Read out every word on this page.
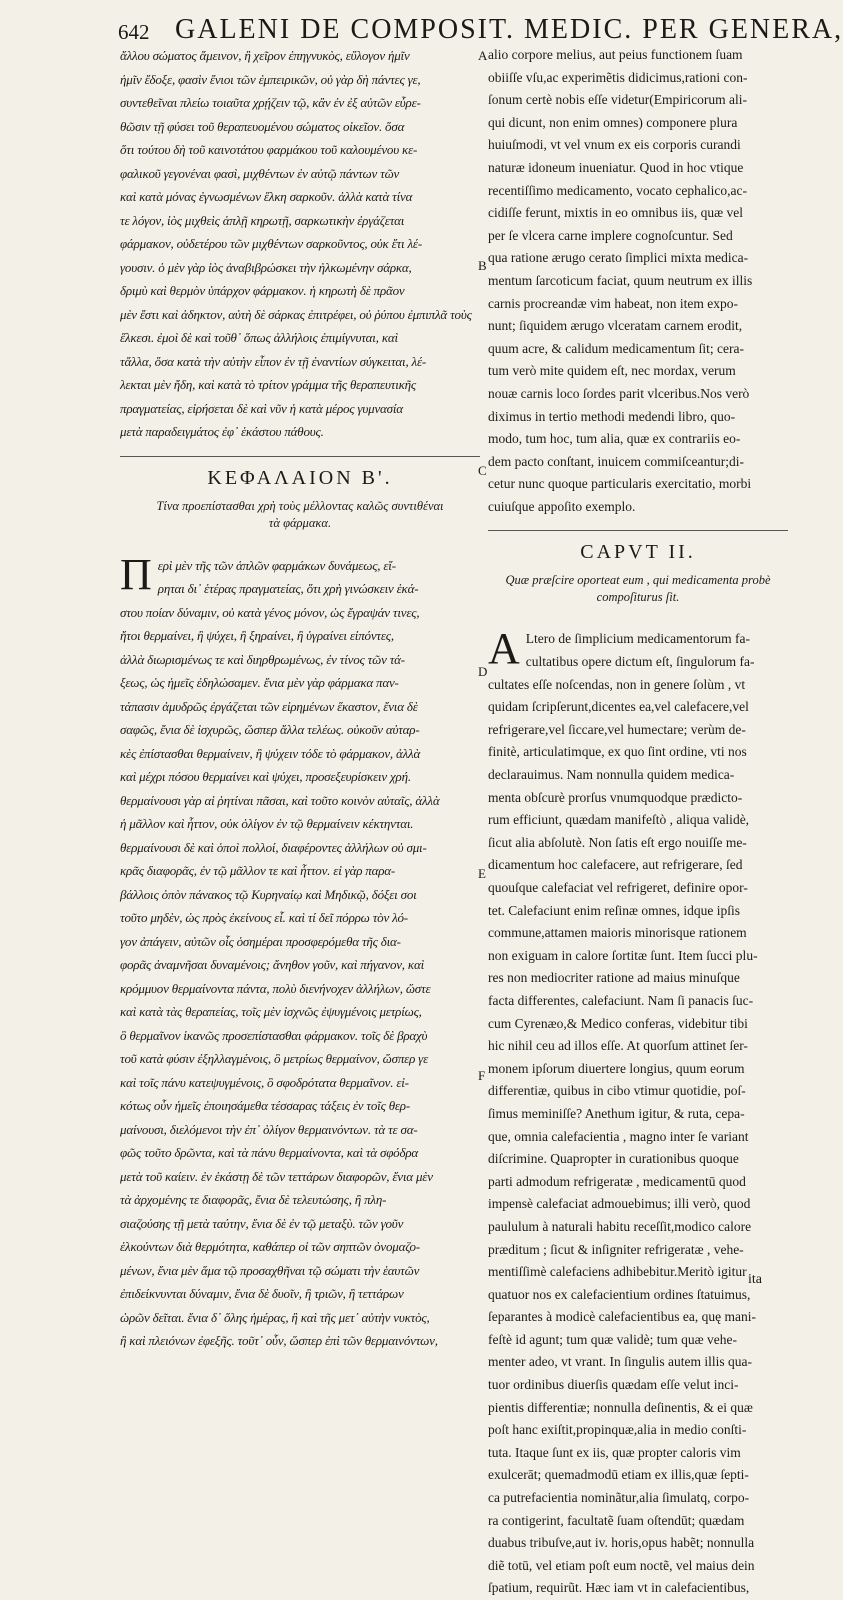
642 GALENI DE COMPOSIT. MEDIC. PER GENERA,
A
B
C
D
E
F
ἄλλου σώματος ἄμεινον, ἢ χεῖρον ἐπηγνυκὸς, εὔλογον ἡμῖν
ἡμῖν ἔδοξε, φασὶν ἔνιοι τῶν ἐμπειρικῶν, οὐ γὰρ δὴ πάντες γε,
συντεθεῖναι πλείω τοιαῦτα χρῄζειν τῷ, κἂν ἐν ἐξ αὐτῶν εὖρε-
θῶσιν τῇ φύσει τοῦ θεραπευομένου σώματος οἰκεῖον. ὅσα
ὅτι τούτου δὴ τοῦ καινοτάτου φαρμάκου τοῦ καλουμένου κε-
φαλικοῦ γεγονέναι φασὶ, μιχθέντων ἐν αὐτῷ πάντων τῶν
καὶ κατὰ μόνας ἐγνωσμένων ἕλκη σαρκοῦν. ἀλλὰ κατὰ τίνα
τε λόγον, ἰὸς μιχθεὶς ἁπλῇ κηρωτῇ, σαρκωτικὴν ἐργάζεται
φάρμακον, οὐδετέρου τῶν μιχθέντων σαρκοῦντος, οὐκ ἔτι λέ-
γουσιν. ὁ μὲν γὰρ ἰὸς ἀναβιβρώσκει τὴν ἠλκωμένην σάρκα,
δριμὺ καὶ θερμὸν ὑπάρχον φάρμακον. ἡ κηρωτὴ δὲ πρᾶον
μὲν ἔστι καὶ ἀδηκτον, αὐτὴ δὲ σάρκας ἐπιτρέφει, οὐ ῥύπου ἐμπιπλᾶ τοὺς
ἕλκεσι. ἐμοὶ δὲ καὶ τοῦθ᾽ ὅπως ἀλλήλοις ἐπιμίγνυται, καὶ
τἄλλα, ὅσα κατὰ τὴν αὐτὴν εἶπον ἐν τῇ ἐναντίων σύγκειται, λέ-
λεκται μὲν ἤδη, καὶ κατὰ τὸ τρίτον γράμμα τῆς θεραπευτικῆς
πραγματείας, εἰρήσεται δὲ καὶ νῦν ἡ κατὰ μέρος γυμνασία
μετὰ παραδειγμάτος ἐφ᾽ ἑκάστου πάθους.
ΚΕΦΑΛΑΙΟΝ Β'.
Τίνα προεπίστασθαι χρὴ τοὺς μέλλοντας καλῶς συντιθέναι
τὰ φάρμακα.
Π ερὶ μὲν τῆς τῶν ἁπλῶν φαρμάκων δυνάμεως, εἴ-
ρηται δι᾽ ἑτέρας πραγματείας, ὅτι χρὴ γινώσκειν ἑκά-
στου ποίαν δύναμιν, οὐ κατὰ γένος μόνον, ὡς ἔγραψάν τινες,
ἤτοι θερμαίνει, ἢ ψύχει, ἢ ξηραίνει, ἢ ὑγραίνει εἰπόντες,
ἀλλὰ διωρισμένως τε καὶ διηρθρωμένως, ἐν τίνος τῶν τά-
ξεως, ὡς ἡμεῖς ἐδηλώσαμεν. ἔνια μὲν γὰρ φάρμακα παν-
τάπασιν ἀμυδρῶς ἐργάζεται τῶν εἰρημένων ἕκαστον, ἔνια δὲ
σαφῶς, ἔνια δὲ ἰσχυρῶς, ὥσπερ ἄλλα τελέως. οὐκοῦν αὐταρ-
κὲς ἐπίστασθαι θερμαίνειν, ἢ ψύχειν τόδε τὸ φάρμακον, ἀλλὰ
καὶ μέχρι πόσου θερμαίνει καὶ ψύχει, προσεξευρίσκειν χρή.
θερμαίνουσι γὰρ αἱ ῥητίναι πᾶσαι, καὶ τοῦτο κοινὸν αὐταῖς, ἀλλὰ
ἡ μᾶλλον καὶ ἧττον, οὐκ ὀλίγον ἐν τῷ θερμαίνειν κέκτηνται.
θερμαίνουσι δὲ καὶ ὁποὶ πολλοί, διαφέροντες ἀλλήλων οὐ σμι-
κρᾶς διαφορᾶς, ἐν τῷ μᾶλλον τε καὶ ἧττον. εἰ γὰρ παρα-
βάλλοις ὀπὸν πάνακος τῷ Κυρηναίῳ καὶ Μηδικῷ, δόξει σοι
τοῦτο μηδὲν, ὡς πρὸς ἐκείνους εἶ. καὶ τί δεῖ πόρρω τὸν λό-
γον ἀπάγειν, αὐτῶν οἷς ὁσημέραι προσφερόμεθα τῆς δια-
φορᾶς ἀναμνῆσαι δυναμένοις; ἄνηθον γοῦν, καὶ πήγανον, καὶ
κρόμμυον θερμαίνοντα πάντα, πολὺ διενήνοχεν ἀλλήλων, ὥστε
καὶ κατὰ τὰς θεραπείας, τοῖς μὲν ἰσχνῶς ἐψυγμένοις μετρίως,
ὃ θερμαῖνον ἱκανῶς προσεπίστασθαι φάρμακον. τοῖς δὲ βραχὺ
τοῦ κατὰ φύσιν ἐξηλλαγμένοις, ὃ μετρίως θερμαίνον, ὥσπερ γε
καὶ τοῖς πάνυ κατεψυγμένοις, ὃ σφοδρότατα θερμαῖνον. εἰ-
κότως οὖν ἡμεῖς ἐποιησάμεθα τέσσαρας τάξεις ἐν τοῖς θερ-
μαίνουσι, διελόμενοι τὴν ἐπ᾽ ὀλίγον θερμαινόντων. τὰ τε σα-
φῶς τοῦτο δρῶντα, καὶ τὰ πάνυ θερμαίνοντα, καὶ τὰ σφόδρα
μετὰ τοῦ καίειν. ἐν ἑκάστῃ δὲ τῶν τεττάρων διαφορῶν, ἔνια μὲν
τὰ ἀρχομένης τε διαφορᾶς, ἔνια δὲ τελευτώσης, ἢ πλη-
σιαζούσης τῇ μετὰ ταύτην, ἔνια δὲ ἐν τῷ μεταξὺ. τῶν γοῦν
ἑλκούντων διὰ θερμότητα, καθάπερ οἱ τῶν σηπτῶν ὀνομαζο-
μένων, ἔνια μὲν ἅμα τῷ προσαχθῆναι τῷ σώματι τὴν ἑαυτῶν
ἐπιδείκνυνται δύναμιν, ἔνια δὲ δυοῖν, ἢ τριῶν, ἢ τεττάρων
ὡρῶν δεῖται. ἔνια δ᾽ ὅλης ἡμέρας, ἢ καὶ τῆς μετ᾽ αὐτὴν νυκτὸς,
ἢ καὶ πλειόνων ἐφεξῆς. τοῦτ᾽ οὖν, ὥσπερ ἐπὶ τῶν θερμαινόντων,
alio corpore melius, aut peius functionem ſuam
obiiſſe vſu,ac experimẽtis didicimus,rationi con-
ſonum certè nobis eſſe videtur(Empiricorum ali-
qui dicunt, non enim omnes) componere plura
huiuſmodi, vt vel vnum ex eis corporis curandi
naturæ idoneum inueniatur. Quod in hoc vtique
recentiſſimo medicamento, vocato cephalico,ac-
cidiſſe ferunt, mixtis in eo omnibus iis, quæ vel
per ſe vlcera carne implere cognoſcuntur. Sed
qua ratione ærugo cerato ſimplici mixta medica-
mentum ſarcoticum faciat, quum neutrum ex illis
carnis procreandæ vim habeat, non item expo-
nunt; ſiquidem ærugo vlceratam carnem erodit,
quum acre, & calidum medicamentum ſit; cera-
tum verò mite quidem eſt, nec mordax, verum
nouæ carnis loco ſordes parit vlceribus.Nos verò
diximus in tertio methodi medendi libro, quo-
modo, tum hoc, tum alia, quæ ex contrariis eo-
dem pacto conſtant, inuicem commiſceantur;di-
cetur nunc quoque particularis exercitatio, morbi
cuiuſque appoſito exemplo.
CAPVT II.
Quæ præſcire oporteat eum , qui medicamenta probè
compoſiturus ſit.
A Ltero de ſimplicium medicamentorum fa-
cultatibus opere dictum eſt, ſingulorum fa-
cultates eſſe noſcendas, non in genere ſolùm , vt
quidam ſcripſerunt,dicentes ea,vel calefacere,vel
refrigerare,vel ſiccare,vel humectare; verùm de-
finitè, articulatimque, ex quo ſint ordine, vti nos
declarauimus. Nam nonnulla quidem medica-
menta obſcurè prorſus vnumquodque prædicto-
rum efficiunt, quædam manifeſtò , aliqua validè,
ſicut alia abſolutè. Non ſatis eſt ergo nouiſſe me-
dicamentum hoc calefacere, aut refrigerare, ſed
quouſque calefaciat vel refrigeret, definire opor-
tet. Calefaciunt enim reſinæ omnes, idque ipſis
commune,attamen maioris minorisque rationem
non exiguam in calore ſortitæ ſunt. Item ſucci plu-
res non mediocriter ratione ad maius minuſque
facta differentes, calefaciunt. Nam ſi panacis ſuc-
cum Cyrenæo,& Medico conferas, videbitur tibi
hic nihil ceu ad illos eſſe. At quorſum attinet ſer-
monem ipſorum diuertere longius, quum eorum
differentiæ, quibus in cibo vtimur quotidie, poſ-
ſimus meminiſſe? Anethum igitur, & ruta, cepa-
que, omnia calefacientia , magno inter ſe variant
diſcrimine. Quapropter in curationibus quoque
parti admodum refrigeratæ , medicamentū quod
impensè calefaciat admouebimus; illi verò, quod
paululum à naturali habitu receſſit,modico calore
præditum ; ſicut & inſigniter refrigeratæ , vehe-
mentiſſimè calefaciens adhibebitur.Meritò igitur
quatuor nos ex calefacientium ordines ſtatuimus,
ſeparantes à modicè calefacientibus ea, quę mani-
feſtè id agunt; tum quæ validè; tum quæ vehe-
menter adeo, vt vrant. In ſingulis autem illis qua-
tuor ordinibus diuerſis quædam eſſe velut inci-
pientis differentiæ; nonnulla deſinentis, & ei quæ
poſt hanc exiſtit,propinquæ,alia in medio conſti-
tuta. Itaque ſunt ex iis, quæ propter caloris vim
exulcerāt; quemadmodū etiam ex illis,quæ ſepti-
ca putrefacientia nominãtur,alia ſimulatq, corpo-
ra contigerint, facultatẽ ſuam oſtendūt; quædam
duabus tribuſve,aut iv. horis,opus habẽt; nonnulla
diẽ totū, vel etiam poſt eum noctẽ, vel maius dein
ſpatium, requirũt. Hæc iam vt in calefacientibus,
ita
